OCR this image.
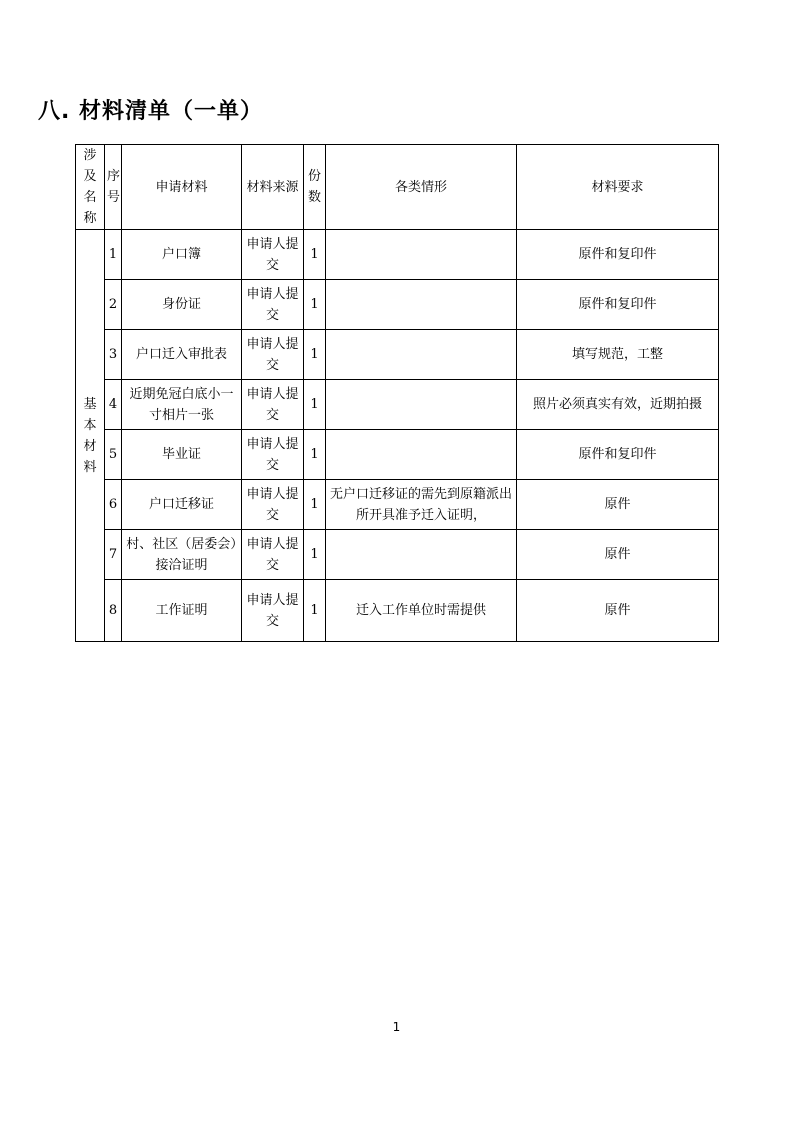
八. 材料清单（一单）
涉及名称	序号	申请材料	材料来源	份数	各类情形	材料要求
基本材料	1	户口簿	申请人提交	1		原件和复印件
	2	身份证	申请人提交	1		原件和复印件
	3	户口迁入审批表	申请人提交	1		填写规范，工整
	4	近期免冠白底小一寸相片一张	申请人提交	1		照片必须真实有效，近期拍摄
	5	毕业证	申请人提交	1		原件和复印件
	6	户口迁移证	申请人提交	1	无户口迁移证的需先到原籍派出所开具准予迁入证明，	原件
	7	村、社区（居委会）接洽证明	申请人提交	1		原件
	8	工作证明	申请人提交	1	迁入工作单位时需提供	原件
1
